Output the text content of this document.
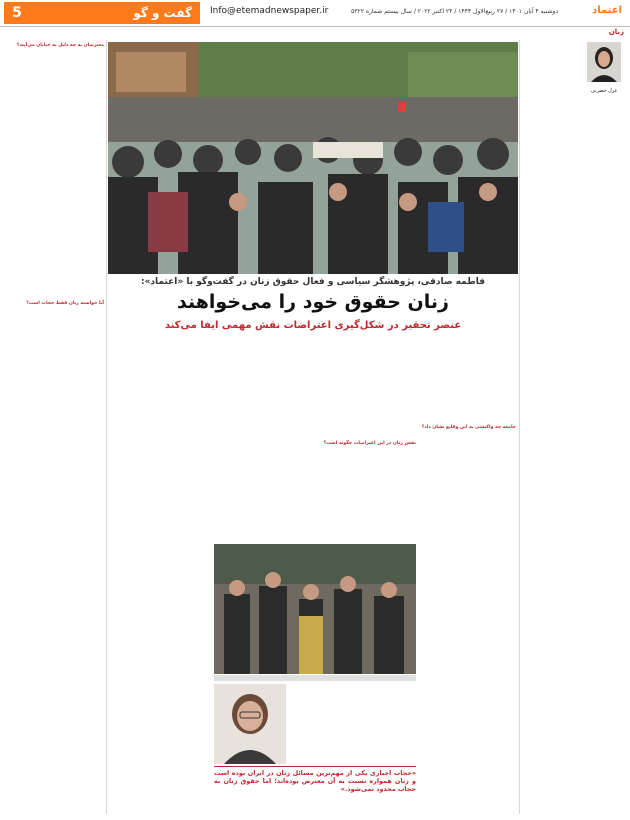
5	گفت و گو	Info@etemadnewspaper.ir	دوشنبه ۴ آبان ۱۴۰۱ / ۲۷ ربیع‌الاول ۱۴۴۴ / ۲۴ اکتبر ۲۰۲۲ / سال بیستم شماره ۵۳۲۲	اعتماد
زنان
غزل حضرتی

معترضان به چه دلیل به خیابان می‌آیند؟

آیا خواسته زنان فقط حجاب است؟

فاطمه صادقی، پژوهشگر سیاسی و فعال حقوق زنان در گفت‌وگو با «اعتماد»:
زنان حقوق خود را می‌خواهند
عنصر تحقیر در شکل‌گیری اعتراضات نقش مهمی ایفا می‌کند

جامعه چه واکنشی به این وقایع نشان داد؟

نقش زنان در این اعتراضات چگونه است؟

«حجاب اجباری یکی از مهم‌ترین مسائل زنان در ایران بوده است و زنان همواره نسبت به آن معترض بوده‌اند؛ اما حقوق زنان به حجاب محدود نمی‌شود.»
